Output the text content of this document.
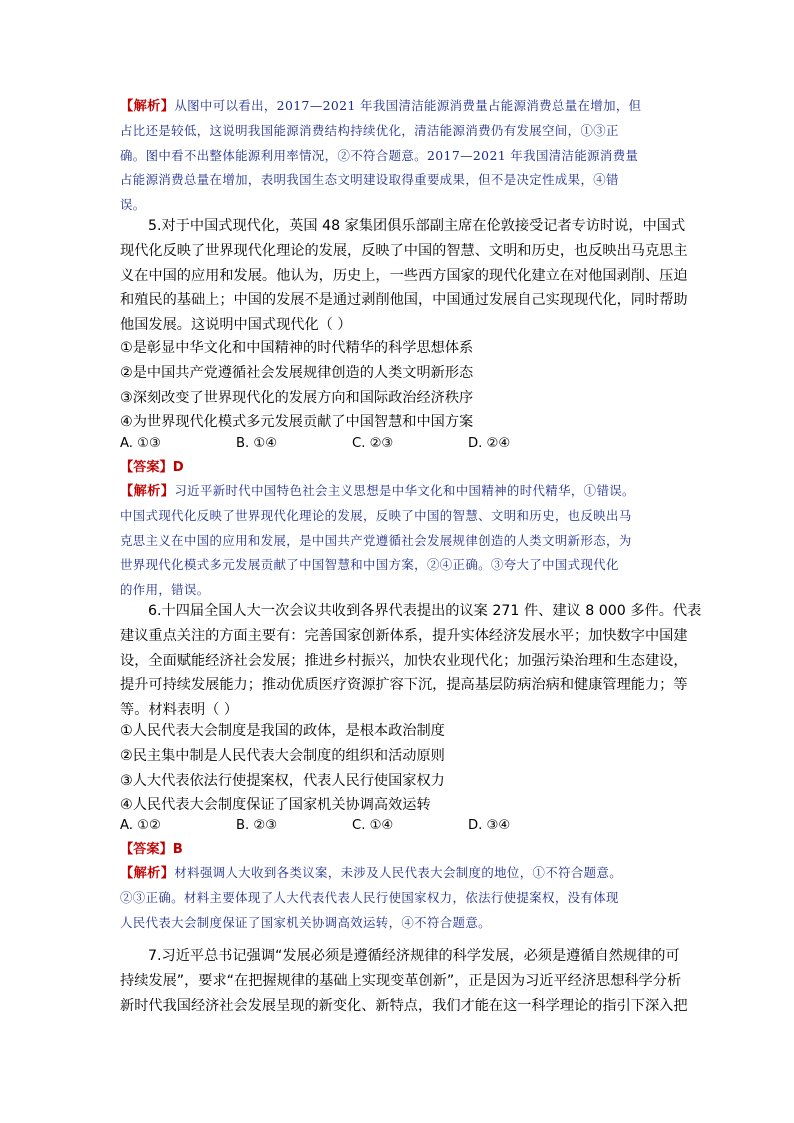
【解析】从图中可以看出，2017—2021 年我国清洁能源消费量占能源消费总量在增加，但
占比还是较低，这说明我国能源消费结构持续优化，清洁能源消费仍有发展空间，①③正
确。图中看不出整体能源利用率情况，②不符合题意。2017—2021 年我国清洁能源消费量
占能源消费总量在增加，表明我国生态文明建设取得重要成果，但不是决定性成果，④错
误。
5.对于中国式现代化，英国 48 家集团俱乐部副主席在伦敦接受记者专访时说，中国式
现代化反映了世界现代化理论的发展，反映了中国的智慧、文明和历史，也反映出马克思主
义在中国的应用和发展。他认为，历史上，一些西方国家的现代化建立在对他国剥削、压迫
和殖民的基础上；中国的发展不是通过剥削他国，中国通过发展自己实现现代化，同时帮助
他国发展。这说明中国式现代化（ ）
①是彰显中华文化和中国精神的时代精华的科学思想体系
②是中国共产党遵循社会发展规律创造的人类文明新形态
③深刻改变了世界现代化的发展方向和国际政治经济秩序
④为世界现代化模式多元发展贡献了中国智慧和中国方案
A. ①③	B. ①④	C. ②③	D. ②④
【答案】D
【解析】习近平新时代中国特色社会主义思想是中华文化和中国精神的时代精华，①错误。
中国式现代化反映了世界现代化理论的发展，反映了中国的智慧、文明和历史，也反映出马
克思主义在中国的应用和发展，是中国共产党遵循社会发展规律创造的人类文明新形态，为
世界现代化模式多元发展贡献了中国智慧和中国方案，②④正确。③夸大了中国式现代化
的作用，错误。
6.十四届全国人大一次会议共收到各界代表提出的议案 271 件、建议 8 000 多件。代表
建议重点关注的方面主要有：完善国家创新体系，提升实体经济发展水平；加快数字中国建
设，全面赋能经济社会发展；推进乡村振兴，加快农业现代化；加强污染治理和生态建设，
提升可持续发展能力；推动优质医疗资源扩容下沉，提高基层防病治病和健康管理能力；等
等。材料表明（ ）
①人民代表大会制度是我国的政体，是根本政治制度
②民主集中制是人民代表大会制度的组织和活动原则
③人大代表依法行使提案权，代表人民行使国家权力
④人民代表大会制度保证了国家机关协调高效运转
A. ①②	B. ②③	C. ①④	D. ③④
【答案】B
【解析】材料强调人大收到各类议案，未涉及人民代表大会制度的地位，①不符合题意。
②③正确。材料主要体现了人大代表代表人民行使国家权力，依法行使提案权，没有体现
人民代表大会制度保证了国家机关协调高效运转，④不符合题意。
7.习近平总书记强调“发展必须是遵循经济规律的科学发展，必须是遵循自然规律的可
持续发展”，要求“在把握规律的基础上实现变革创新”，正是因为习近平经济思想科学分析
新时代我国经济社会发展呈现的新变化、新特点，我们才能在这一科学理论的指引下深入把
